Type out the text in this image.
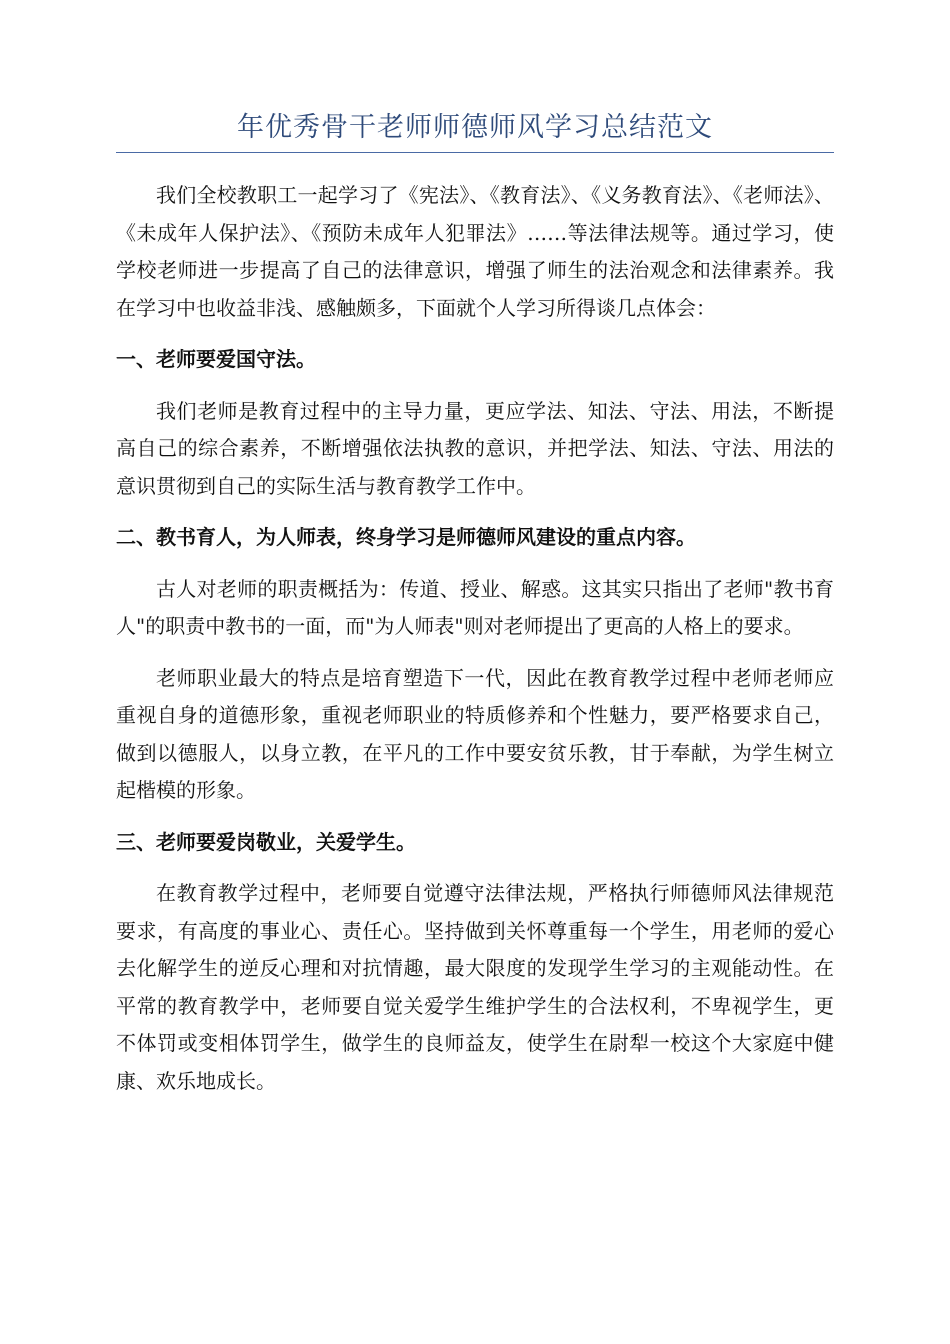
年优秀骨干老师师德师风学习总结范文

我们全校教职工一起学习了《宪法》、《教育法》、《义务教育法》、《老师法》、《未成年人保护法》、《预防未成年人犯罪法》……等法律法规等。通过学习，使学校老师进一步提高了自己的法律意识，增强了师生的法治观念和法律素养。我在学习中也收益非浅、感触颇多，下面就个人学习所得谈几点体会：

一、老师要爱国守法。

我们老师是教育过程中的主导力量，更应学法、知法、守法、用法，不断提高自己的综合素养，不断增强依法执教的意识，并把学法、知法、守法、用法的意识贯彻到自己的实际生活与教育教学工作中。

二、教书育人，为人师表，终身学习是师德师风建设的重点内容。

古人对老师的职责概括为：传道、授业、解惑。这其实只指出了老师"教书育人"的职责中教书的一面，而"为人师表"则对老师提出了更高的人格上的要求。

老师职业最大的特点是培育塑造下一代，因此在教育教学过程中老师老师应重视自身的道德形象，重视老师职业的特质修养和个性魅力，要严格要求自己，做到以德服人，以身立教，在平凡的工作中要安贫乐教，甘于奉献，为学生树立起楷模的形象。

三、老师要爱岗敬业，关爱学生。

在教育教学过程中，老师要自觉遵守法律法规，严格执行师德师风法律规范要求，有高度的事业心、责任心。坚持做到关怀尊重每一个学生，用老师的爱心去化解学生的逆反心理和对抗情趣，最大限度的发现学生学习的主观能动性。在平常的教育教学中，老师要自觉关爱学生维护学生的合法权利，不卑视学生，更不体罚或变相体罚学生，做学生的良师益友，使学生在尉犁一校这个大家庭中健康、欢乐地成长。
